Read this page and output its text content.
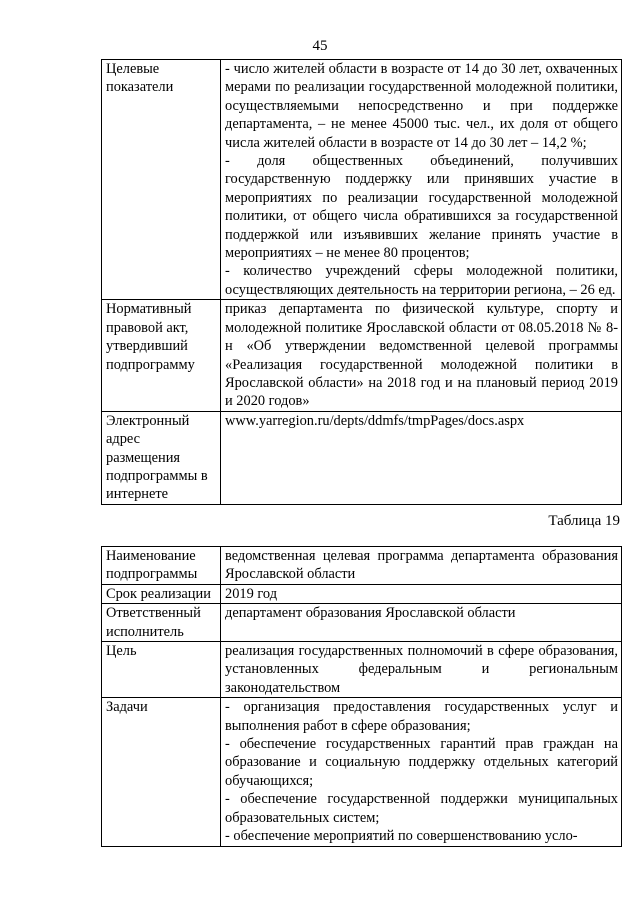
45
Целевые показатели	- число жителей области в возрасте от 14 до 30 лет, охваченных мерами по реализации государственной молодежной политики, осуществляемыми непосредственно и при поддержке департамента, – не менее 45000 тыс. чел., их доля от общего числа жителей области в возрасте от 14 до 30 лет – 14,2 %;
- доля общественных объединений, получивших государственную поддержку или принявших участие в мероприятиях по реализации государственной молодежной политики, от общего числа обратившихся за государственной поддержкой или изъявивших желание принять участие в мероприятиях – не менее 80 процентов;
- количество учреждений сферы молодежной политики, осуществляющих деятельность на территории региона, – 26 ед.

Нормативный правовой акт, утвердивший подпрограмму	приказ департамента по физической культуре, спорту и молодежной политике Ярославской области от 08.05.2018 № 8-н «Об утверждении ведомственной целевой программы «Реализация государственной молодежной политики в Ярославской области» на 2018 год и на плановый период 2019 и 2020 годов»

Электронный адрес размещения подпрограммы в интернете	www.yarregion.ru/depts/ddmfs/tmpPages/docs.aspx
Таблица 19
Наименование подпрограммы	ведомственная целевая программа департамента образования Ярославской области

Срок реализации	2019 год

Ответственный исполнитель	департамент образования Ярославской области

Цель	реализация государственных полномочий в сфере образования, установленных федеральным и региональным законодательством

Задачи	- организация предоставления государственных услуг и выполнения работ в сфере образования;
- обеспечение государственных гарантий прав граждан на образование и социальную поддержку отдельных категорий обучающихся;
- обеспечение государственной поддержки муниципальных образовательных систем;
- обеспечение мероприятий по совершенствованию усло-
